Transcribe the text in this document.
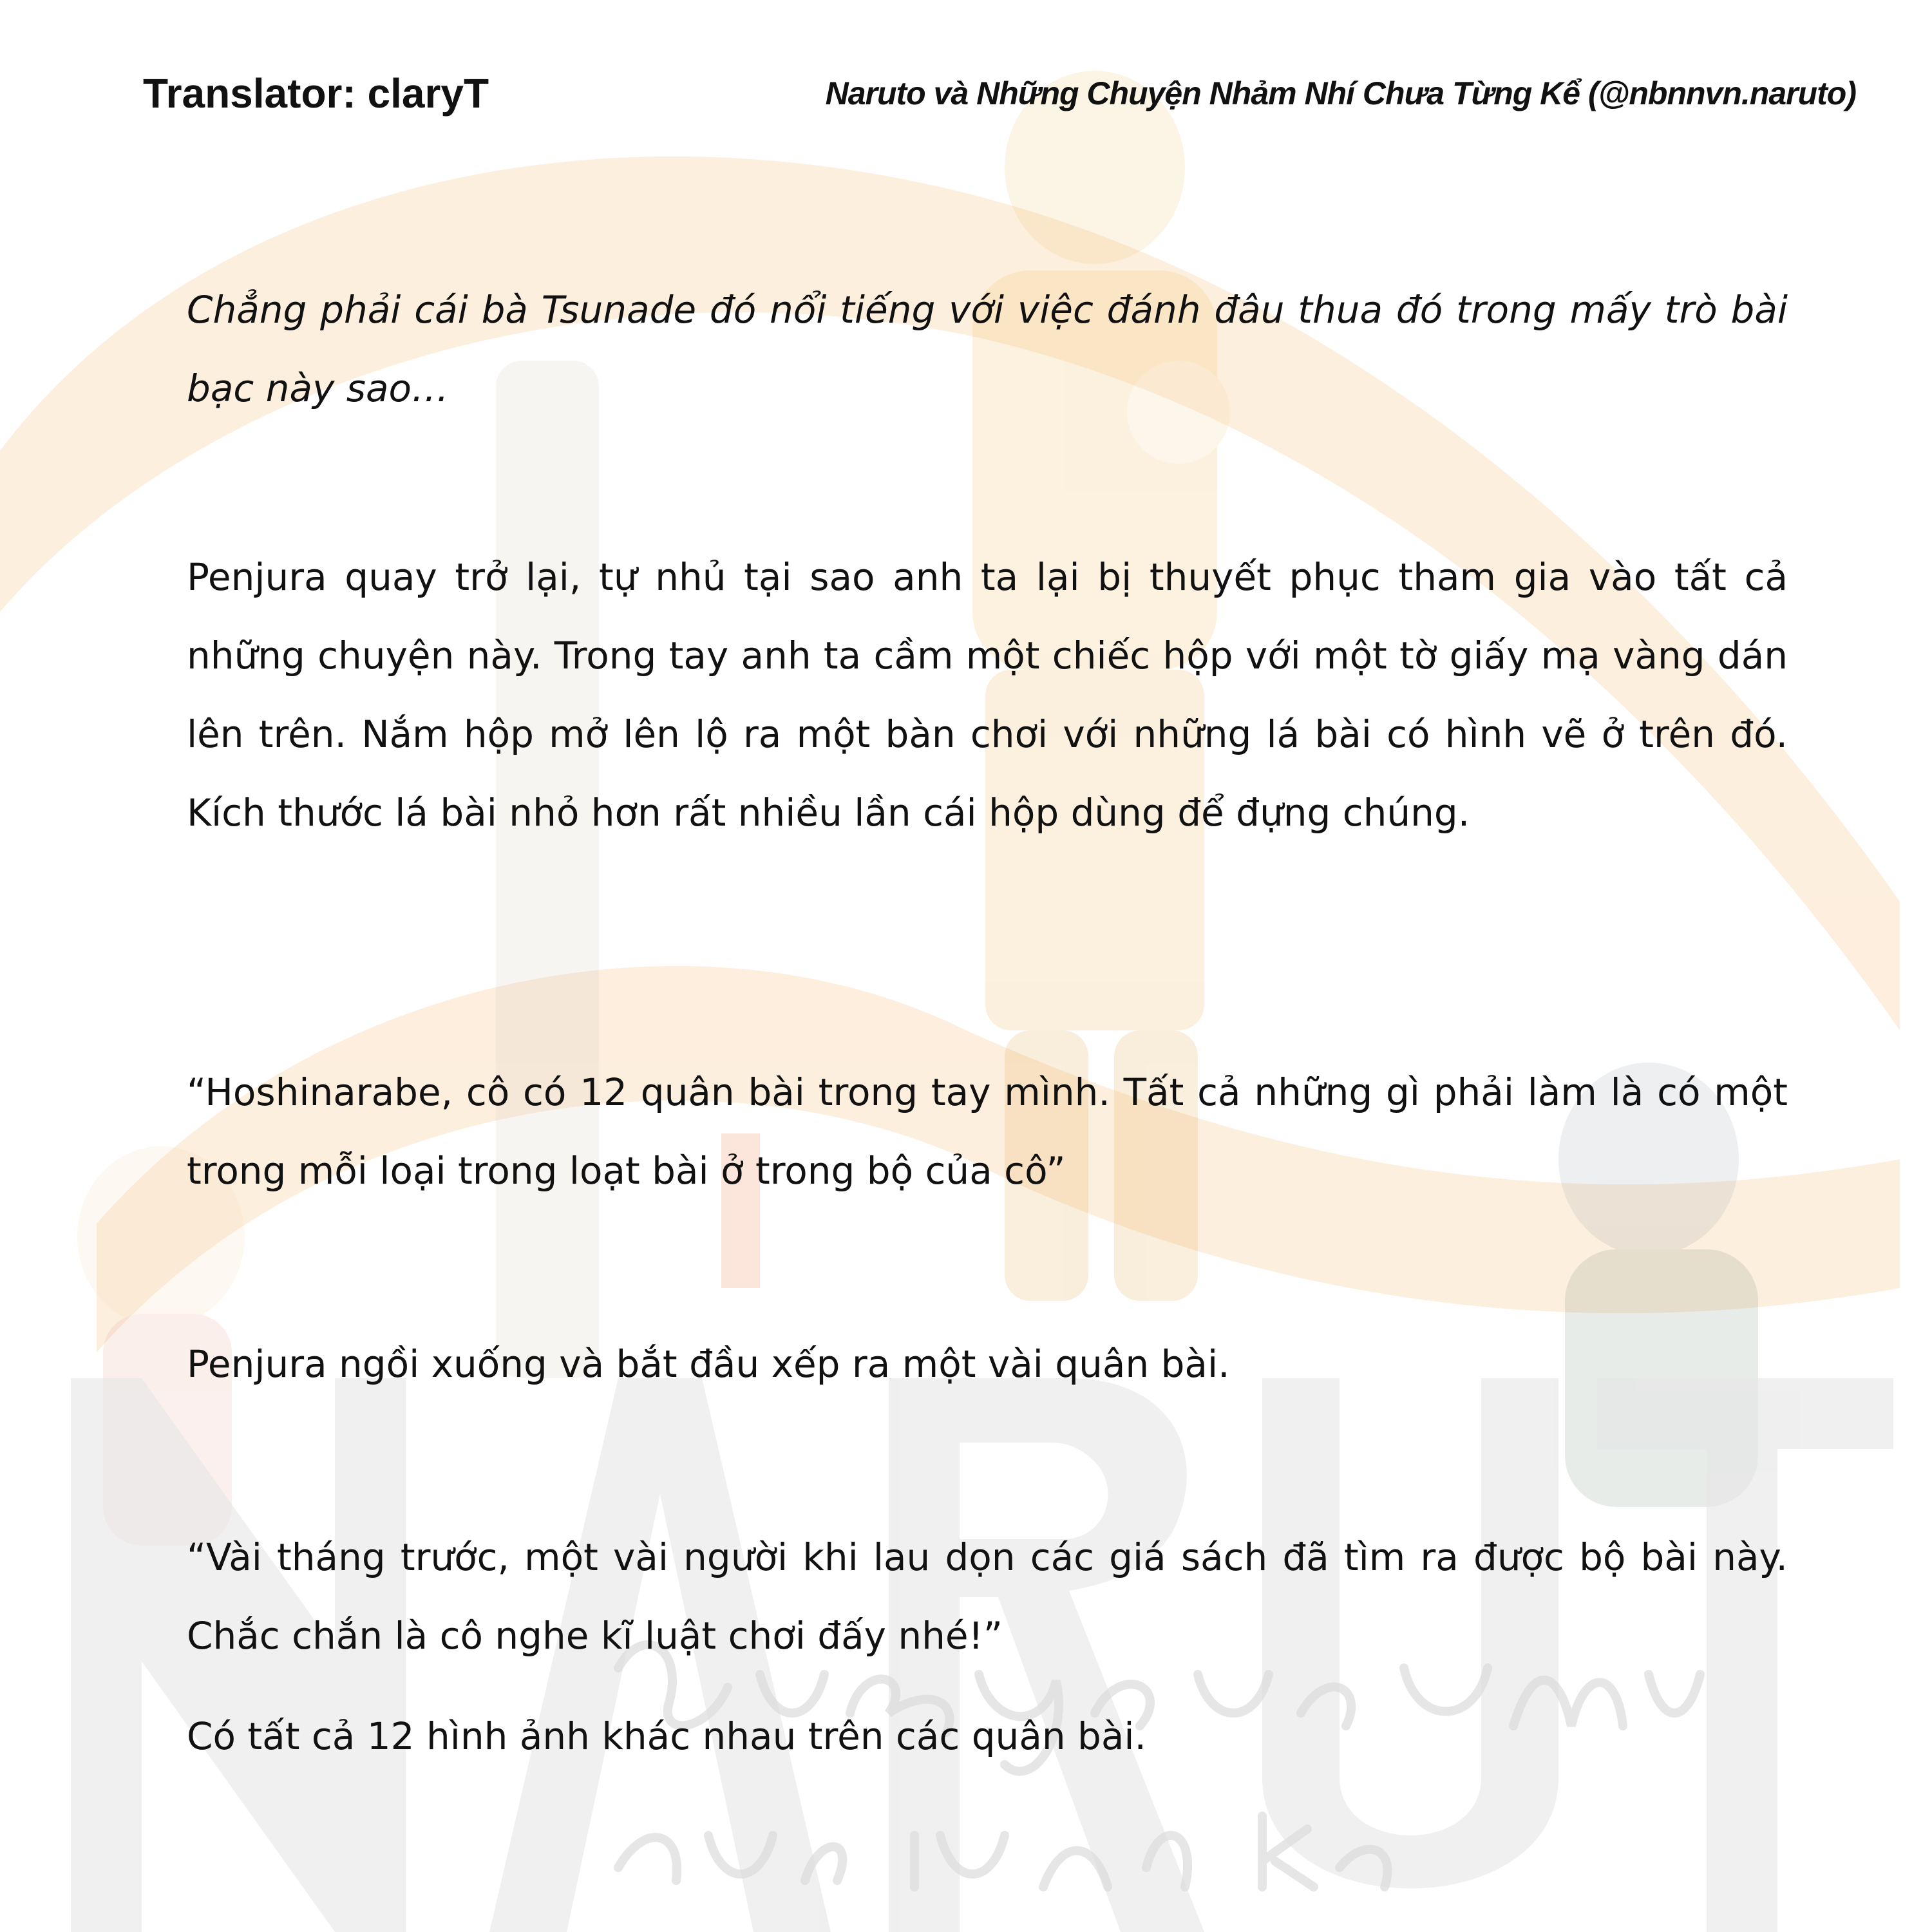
Translator: claryT	Naruto và Những Chuyện Nhảm Nhí Chưa Từng Kể (@nbnnvn.naruto)

Chẳng phải cái bà Tsunade đó nổi tiếng với việc đánh đâu thua đó trong mấy trò bài bạc này sao…

Penjura quay trở lại, tự nhủ tại sao anh ta lại bị thuyết phục tham gia vào tất cả những chuyện này. Trong tay anh ta cầm một chiếc hộp với một tờ giấy mạ vàng dán lên trên. Nắm hộp mở lên lộ ra một bàn chơi với những lá bài có hình vẽ ở trên đó. Kích thước lá bài nhỏ hơn rất nhiều lần cái hộp dùng để đựng chúng.

“Hoshinarabe, cô có 12 quân bài trong tay mình. Tất cả những gì phải làm là có một trong mỗi loại trong loạt bài ở trong bộ của cô”

Penjura ngồi xuống và bắt đầu xếp ra một vài quân bài.

“Vài tháng trước, một vài người khi lau dọn các giá sách đã tìm ra được bộ bài này. Chắc chắn là cô nghe kĩ luật chơi đấy nhé!”

Có tất cả 12 hình ảnh khác nhau trên các quân bài.
